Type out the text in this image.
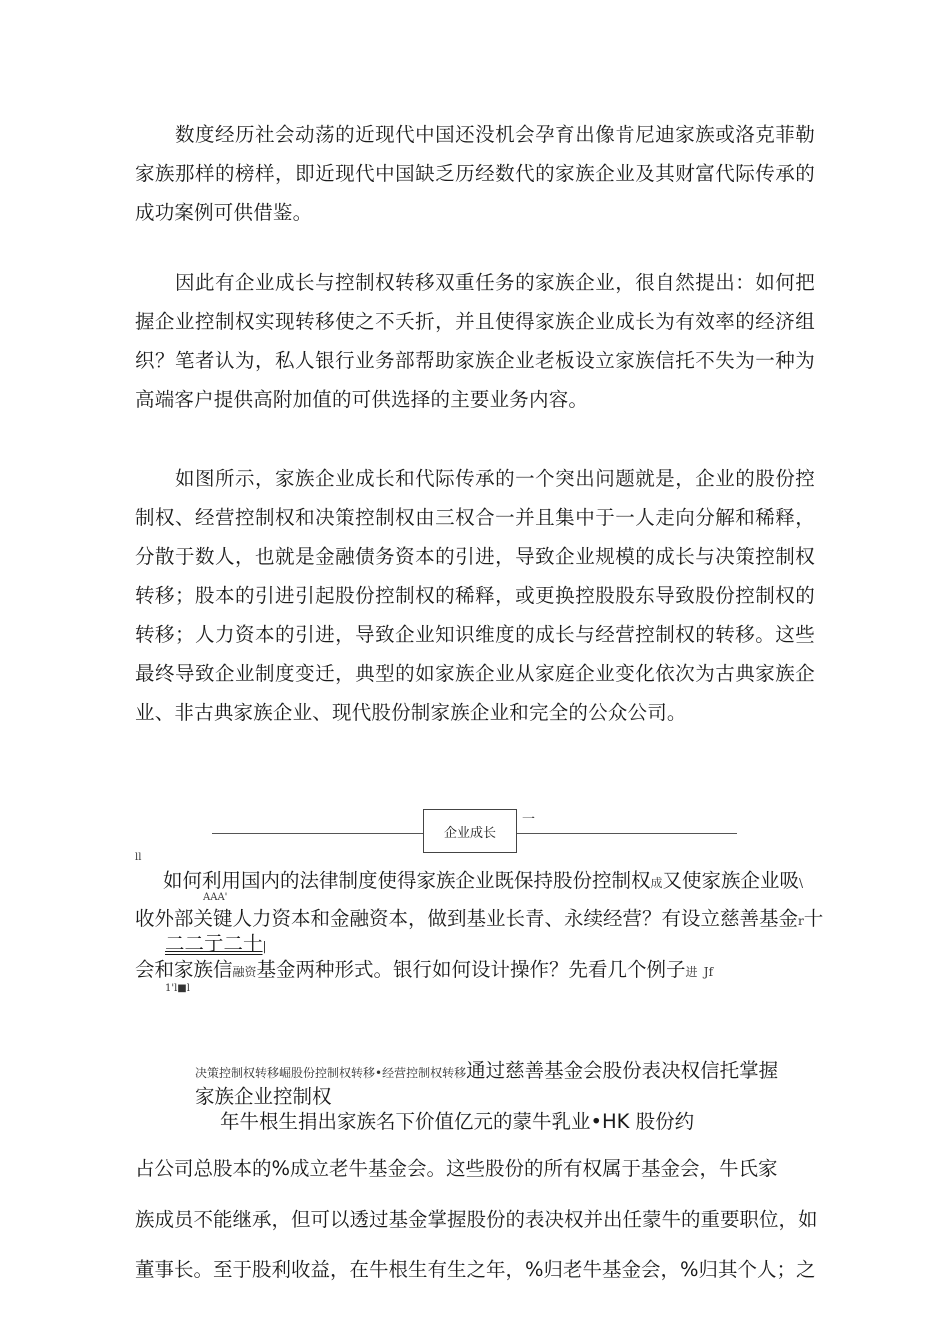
数度经历社会动荡的近现代中国还没机会孕育出像肯尼迪家族或洛克菲勒家族那样的榜样，即近现代中国缺乏历经数代的家族企业及其财富代际传承的成功案例可供借鉴。

因此有企业成长与控制权转移双重任务的家族企业，很自然提出：如何把握企业控制权实现转移使之不夭折，并且使得家族企业成长为有效率的经济组织？笔者认为，私人银行业务部帮助家族企业老板设立家族信托不失为一种为高端客户提供高附加值的可供选择的主要业务内容。

如图所示，家族企业成长和代际传承的一个突出问题就是，企业的股份控制权、经营控制权和决策控制权由三权合一并且集中于一人走向分解和稀释，分散于数人，也就是金融债务资本的引进，导致企业规模的成长与决策控制权转移；股本的引进引起股份控制权的稀释，或更换控股股东导致股份控制权的转移；人力资本的引进，导致企业知识维度的成长与经营控制权的转移。这些最终导致企业制度变迁，典型的如家族企业从家庭企业变化依次为古典家族企业、非古典家族企业、现代股份制家族企业和完全的公众公司。

企业成长
一
ll
如何利用国内的法律制度使得家族企业既保持股份控制权成又使家族企业吸\
AAA'
收外部关键人力资本和金融资本，做到基业长青、永续经营？有设立慈善基金r十
二二亍二十|
会和家族信融资基金两种形式。银行如何设计操作？先看几个例子进 Jf
1'l■l
决策控制权转移崛股份控制权转移•经营控制权转移通过慈善基金会股份表决权信托掌握
家族企业控制权
年牛根生捐出家族名下价值亿元的蒙牛乳业•HK 股份约
占公司总股本的%成立老牛基金会。这些股份的所有权属于基金会，牛氏家
族成员不能继承，但可以透过基金掌握股份的表决权并出任蒙牛的重要职位，如
董事长。至于股利收益，在牛根生有生之年，%归老牛基金会，%归其个人；之
